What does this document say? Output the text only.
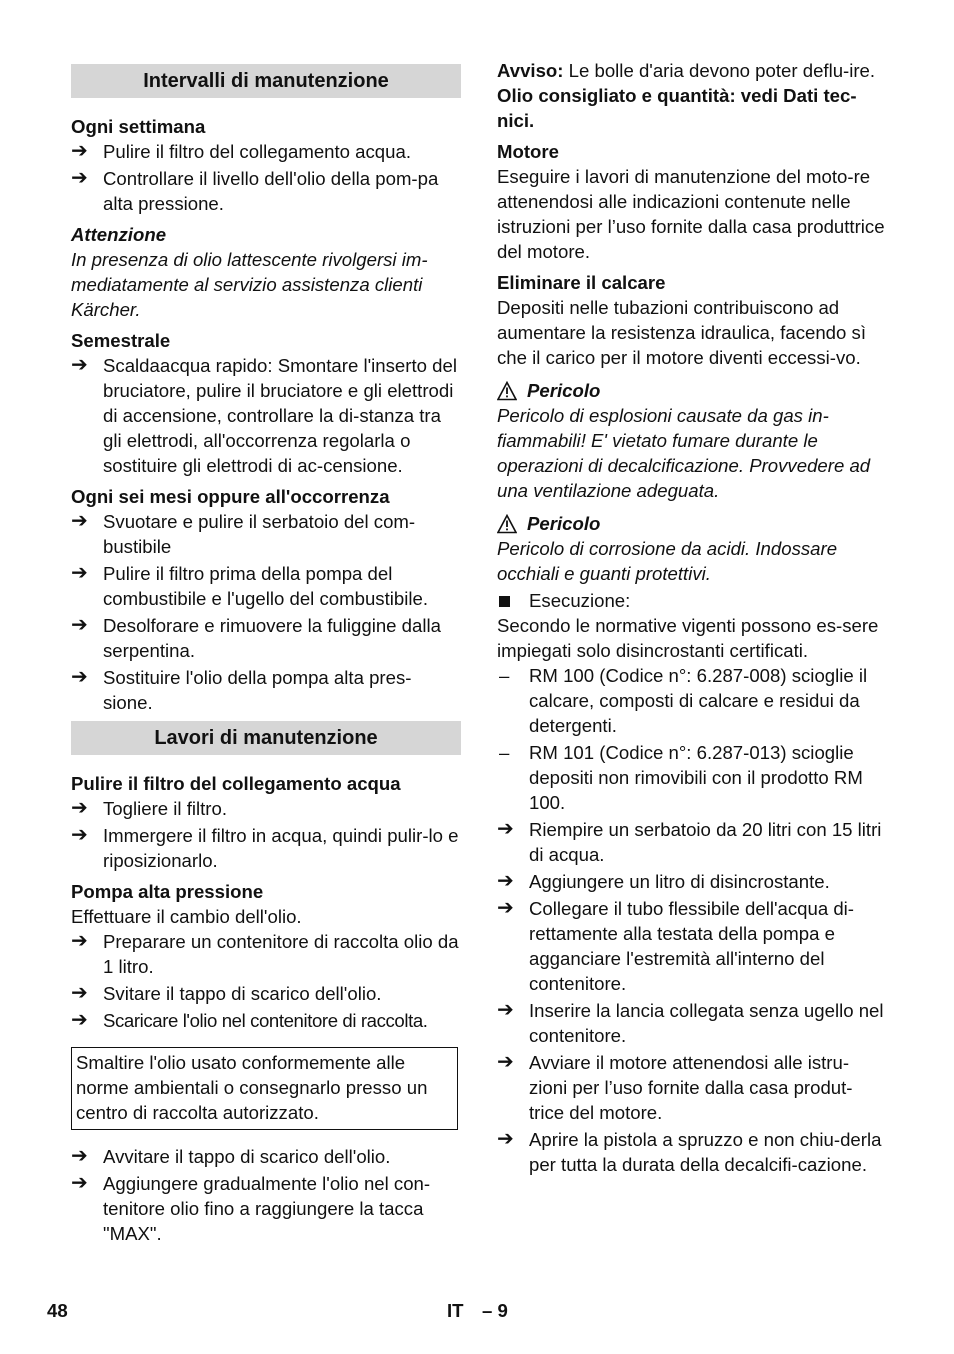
Intervalli di manutenzione
Ogni settimana
➔ Pulire il filtro del collegamento acqua.
➔ Controllare il livello dell'olio della pom-pa alta pressione.
Attenzione

In presenza di olio lattescente rivolgersi im-mediatamente al servizio assistenza clienti Kärcher.

Semestrale
➔ Scaldaacqua rapido: Smontare l'inserto del bruciatore, pulire il bruciatore e gli elettrodi di accensione, controllare la di-stanza tra gli elettrodi, all'occorrenza regolarla o sostituire gli elettrodi di ac-censione.
Ogni sei mesi oppure all'occorrenza
➔ Svuotare e pulire il serbatoio del com-bustibile
➔ Pulire il filtro prima della pompa del combustibile e l'ugello del combustibile.
➔ Desolforare e rimuovere la fuliggine dalla serpentina.
➔ Sostituire l'olio della pompa alta pres-sione.
Lavori di manutenzione
Pulire il filtro del collegamento acqua
➔ Togliere il filtro.
➔ Immergere il filtro in acqua, quindi pulir-lo e riposizionarlo.
Pompa alta pressione

Effettuare il cambio dell'olio.

➔ Preparare un contenitore di raccolta olio da 1 litro.
➔ Svitare il tappo di scarico dell'olio.
➔ Scaricare l'olio nel contenitore di raccolta.
Smaltire l'olio usato conformemente alle norme ambientali o consegnarlo presso un centro di raccolta autorizzato.
➔ Avvitare il tappo di scarico dell'olio.
➔ Aggiungere gradualmente l'olio nel con-tenitore olio fino a raggiungere la tacca "MAX".

Avviso: Le bolle d'aria devono poter deflu-ire.

Olio consigliato e quantità: vedi Dati tec-nici.

Motore

Eseguire i lavori di manutenzione del moto-re attenendosi alle indicazioni contenute nelle istruzioni per l’uso fornite dalla casa produttrice del motore.

Eliminare il calcare

Depositi nelle tubazioni contribuiscono ad aumentare la resistenza idraulica, facendo sì che il carico per il motore diventi eccessi-vo.

Pericolo

Pericolo di esplosioni causate da gas in-fiammabili! E' vietato fumare durante le operazioni di decalcificazione. Provvedere ad una ventilazione adeguata.

Pericolo

Pericolo di corrosione da acidi. Indossare occhiali e guanti protettivi.

Esecuzione:

Secondo le normative vigenti possono es-sere impiegati solo disincrostanti certificati.

– RM 100 (Codice n°: 6.287-008) scioglie il calcare, composti di calcare e residui da detergenti.
– RM 101 (Codice n°: 6.287-013) scioglie depositi non rimovibili con il prodotto RM 100.
➔ Riempire un serbatoio da 20 litri con 15 litri di acqua.
➔ Aggiungere un litro di disincrostante.
➔ Collegare il tubo flessibile dell'acqua di-rettamente alla testata della pompa e agganciare l'estremità all'interno del contenitore.
➔ Inserire la lancia collegata senza ugello nel contenitore.
➔ Avviare il motore attenendosi alle istru-zioni per l’uso fornite dalla casa produt-trice del motore.
➔ Aprire la pistola a spruzzo e non chiu-derla per tutta la durata della decalcifi-cazione.
48	IT – 9
